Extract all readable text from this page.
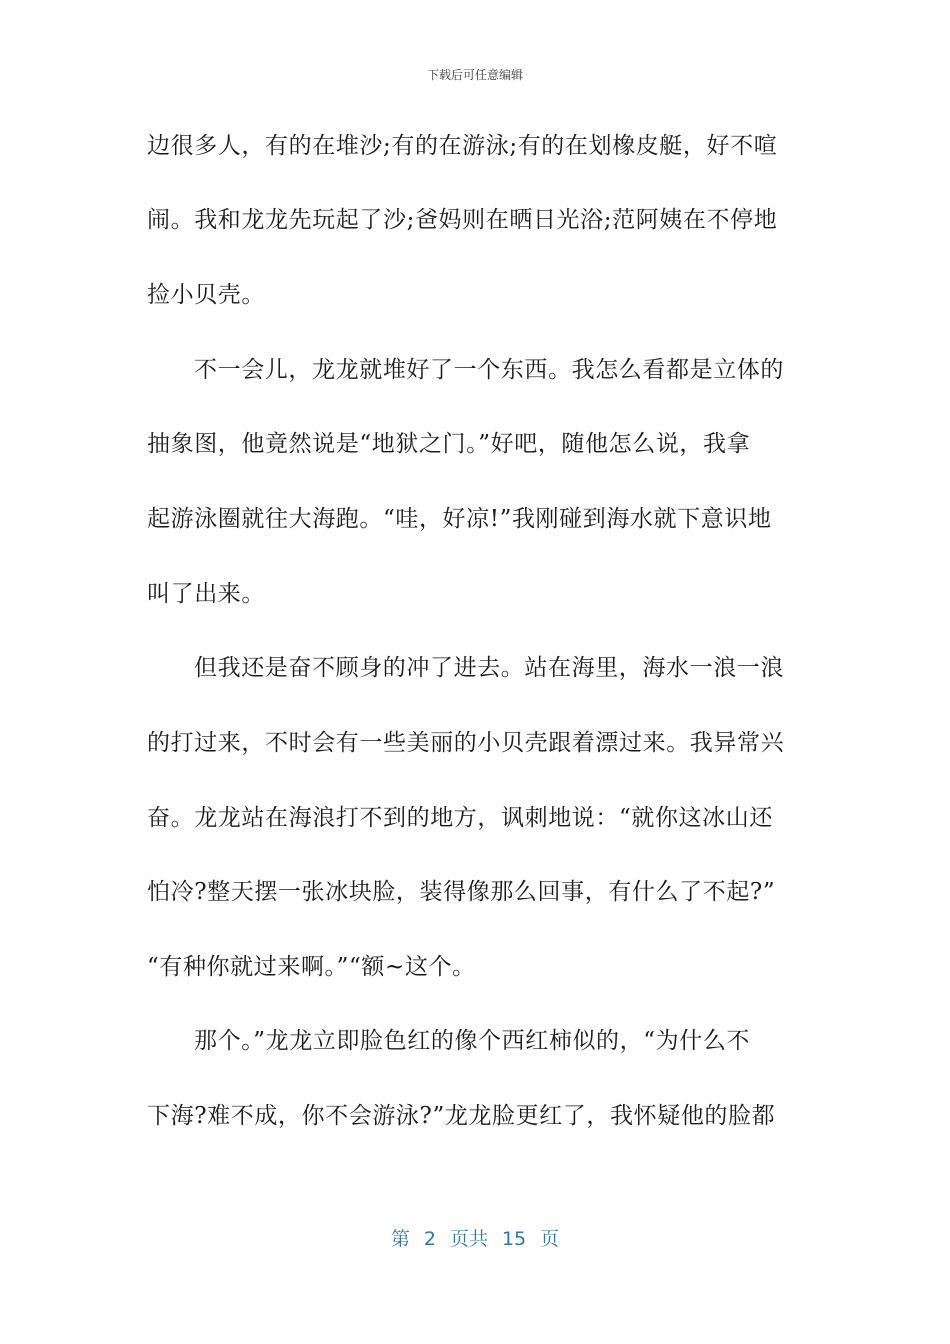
下载后可任意编辑
边很多人，有的在堆沙;有的在游泳;有的在划橡皮艇，好不喧
闹。我和龙龙先玩起了沙;爸妈则在晒日光浴;范阿姨在不停地
捡小贝壳。
不一会儿，龙龙就堆好了一个东西。我怎么看都是立体的
抽象图，他竟然说是“地狱之门。”好吧，随他怎么说，我拿
起游泳圈就往大海跑。“哇，好凉!”我刚碰到海水就下意识地
叫了出来。
但我还是奋不顾身的冲了进去。站在海里，海水一浪一浪
的打过来，不时会有一些美丽的小贝壳跟着漂过来。我异常兴
奋。龙龙站在海浪打不到的地方，讽刺地说：“就你这冰山还
怕冷?整天摆一张冰块脸，装得像那么回事，有什么了不起?”
“有种你就过来啊。”“额~这个。
那个。”龙龙立即脸色红的像个西红柿似的，“为什么不
下海?难不成，你不会游泳?”龙龙脸更红了，我怀疑他的脸都
第 2 页共 15 页
